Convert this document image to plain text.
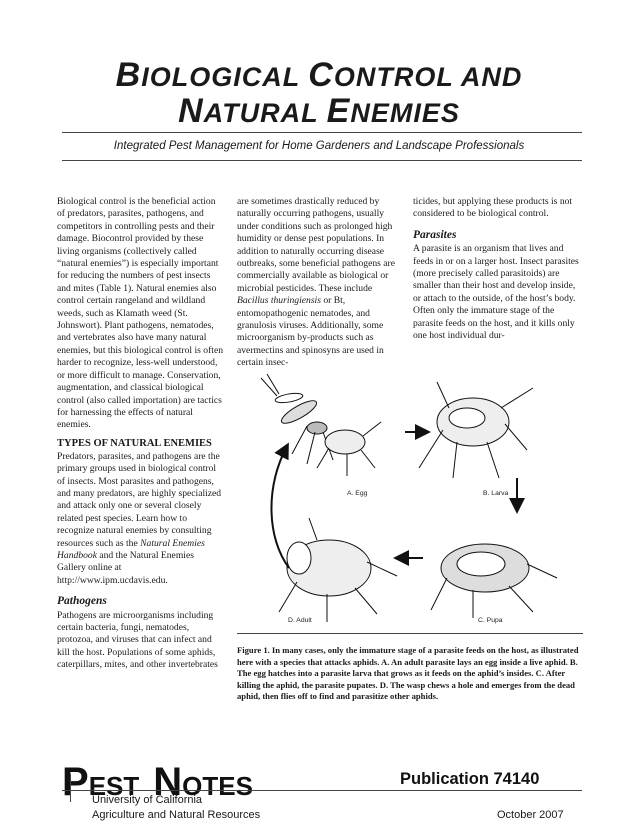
BIOLOGICAL CONTROL AND
NATURAL ENEMIES
Integrated Pest Management for Home Gardeners and Landscape Professionals

Biological control is the beneficial action of predators, parasites, pathogens, and competitors in controlling pests and their damage. Biocontrol provided by these living organisms (collectively called “natural enemies”) is especially important for reducing the numbers of pest insects and mites (Table 1). Natural enemies also control certain rangeland and wildland weeds, such as Klamath weed (St. Johnswort). Plant pathogens, nematodes, and vertebrates also have many natural enemies, but this biological control is often harder to recognize, less-well understood, or more difficult to manage. Conservation, augmentation, and classical biological control (also called importation) are tactics for harnessing the effects of natural enemies.

TYPES OF NATURAL ENEMIES

Predators, parasites, and pathogens are the primary groups used in biological control of insects. Most parasites and pathogens, and many predators, are highly specialized and attack only one or several closely related pest species. Learn how to recognize natural enemies by consulting resources such as the Natural Enemies Handbook and the Natural Enemies Gallery online at http://www.ipm.ucdavis.edu.

Pathogens

Pathogens are microorganisms including certain bacteria, fungi, nematodes, protozoa, and viruses that can infect and kill the host. Populations of some aphids, caterpillars, mites, and other invertebrates

are sometimes drastically reduced by naturally occurring pathogens, usually under conditions such as prolonged high humidity or dense pest populations. In addition to naturally occurring disease outbreaks, some beneficial pathogens are commercially available as biological or microbial pesticides. These include Bacillus thuringiensis or Bt, entomopathogenic nematodes, and granulosis viruses. Additionally, some microorganism by-products such as avermectins and spinosyns are used in certain insec-

ticides, but applying these products is not considered to be biological control.

Parasites

A parasite is an organism that lives and feeds in or on a larger host. Insect parasites (more precisely called parasitoids) are smaller than their host and develop inside, or attach to the outside, of the host’s body. Often only the immature stage of the parasite feeds on the host, and it kills only one host individual dur-

A. Egg	B. Larva
D. Adult	C. Pupa
Figure 1. In many cases, only the immature stage of a parasite feeds on the host, as illustrated here with a species that attacks aphids. A. An adult parasite lays an egg inside a live aphid. B. The egg hatches into a parasite larva that grows as it feeds on the aphid’s insides. C. After killing the aphid, the parasite pupates. D. The wasp chews a hole and emerges from the dead aphid, then flies off to find and parasitize other aphids.
PEST NOTES	Publication 74140
University of California
Agriculture and Natural Resources	October 2007
